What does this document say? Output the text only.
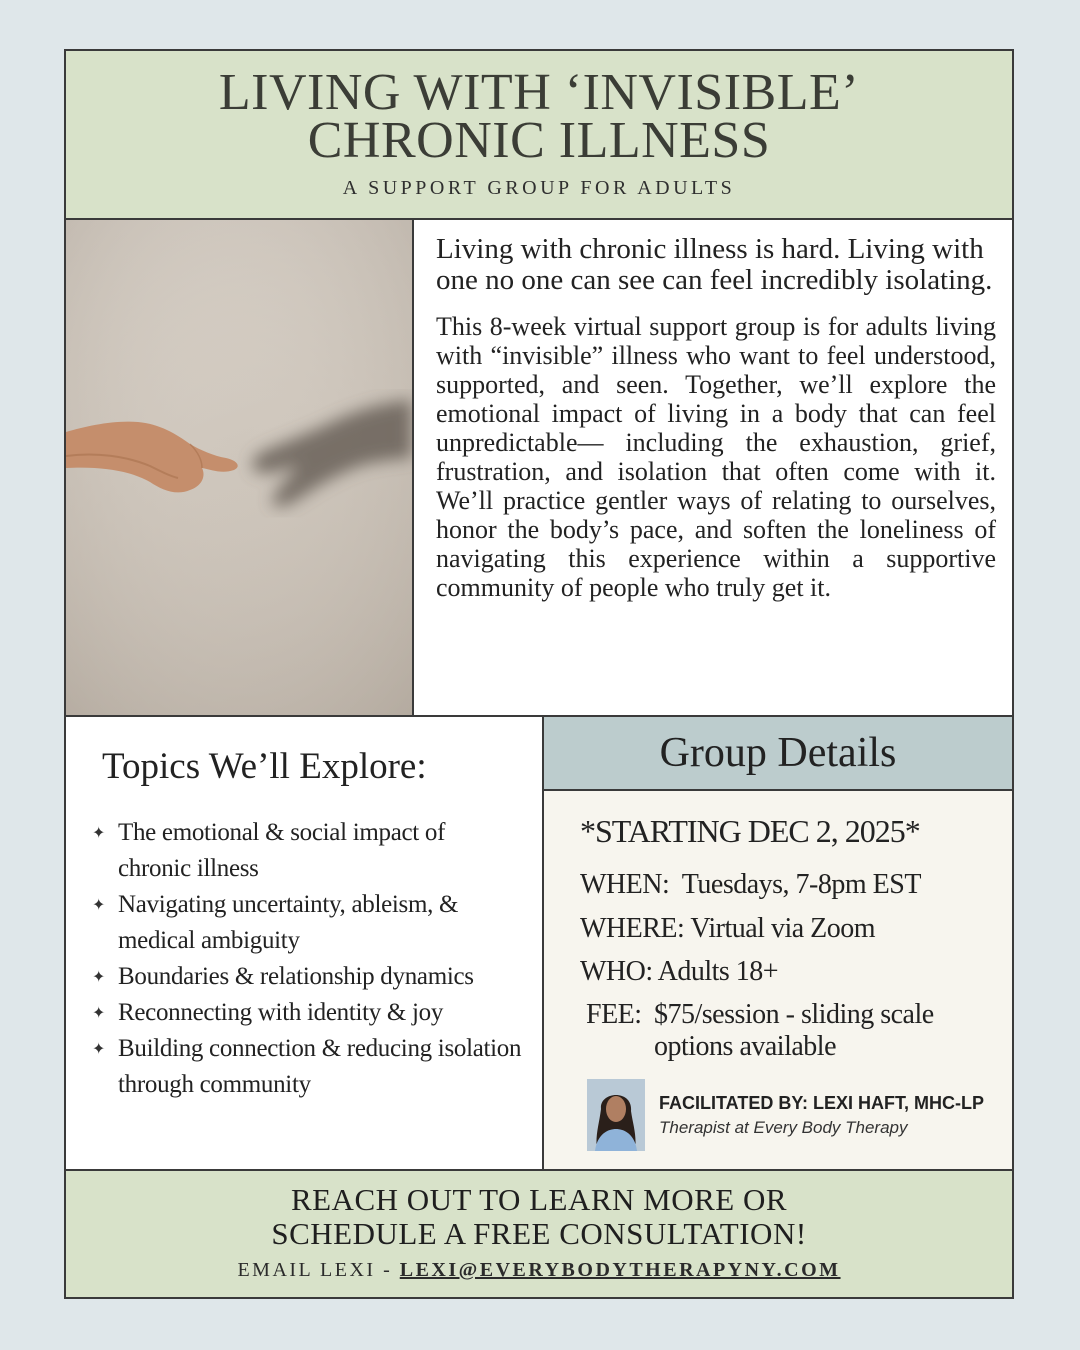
LIVING WITH ‘INVISIBLE’
CHRONIC ILLNESS
A SUPPORT GROUP FOR ADULTS

Living with chronic illness is hard. Living with one no one can see can feel incredibly isolating.

This 8-week virtual support group is for adults living with “invisible” illness who want to feel understood, supported, and seen. Together, we’ll explore the emotional impact of living in a body that can feel unpredictable— including the exhaustion, grief, frustration, and isolation that often come with it. We’ll practice gentler ways of relating to ourselves, honor the body’s pace, and soften the loneliness of navigating this experience within a supportive community of people who truly get it.

Topics We’ll Explore:
✦ The emotional & social impact of chronic illness
✦ Navigating uncertainty, ableism, & medical ambiguity
✦ Boundaries & relationship dynamics
✦ Reconnecting with identity & joy
✦ Building connection & reducing isolation through community
Group Details
*STARTING DEC 2, 2025*
WHEN: Tuesdays, 7-8pm EST
WHERE: Virtual via Zoom
WHO: Adults 18+
FEE: $75/session - sliding scale options available
FACILITATED BY: LEXI HAFT, MHC-LP
Therapist at Every Body Therapy
REACH OUT TO LEARN MORE OR
SCHEDULE A FREE CONSULTATION!
EMAIL LEXI - LEXI@EVERYBODYTHERAPYNY.COM
